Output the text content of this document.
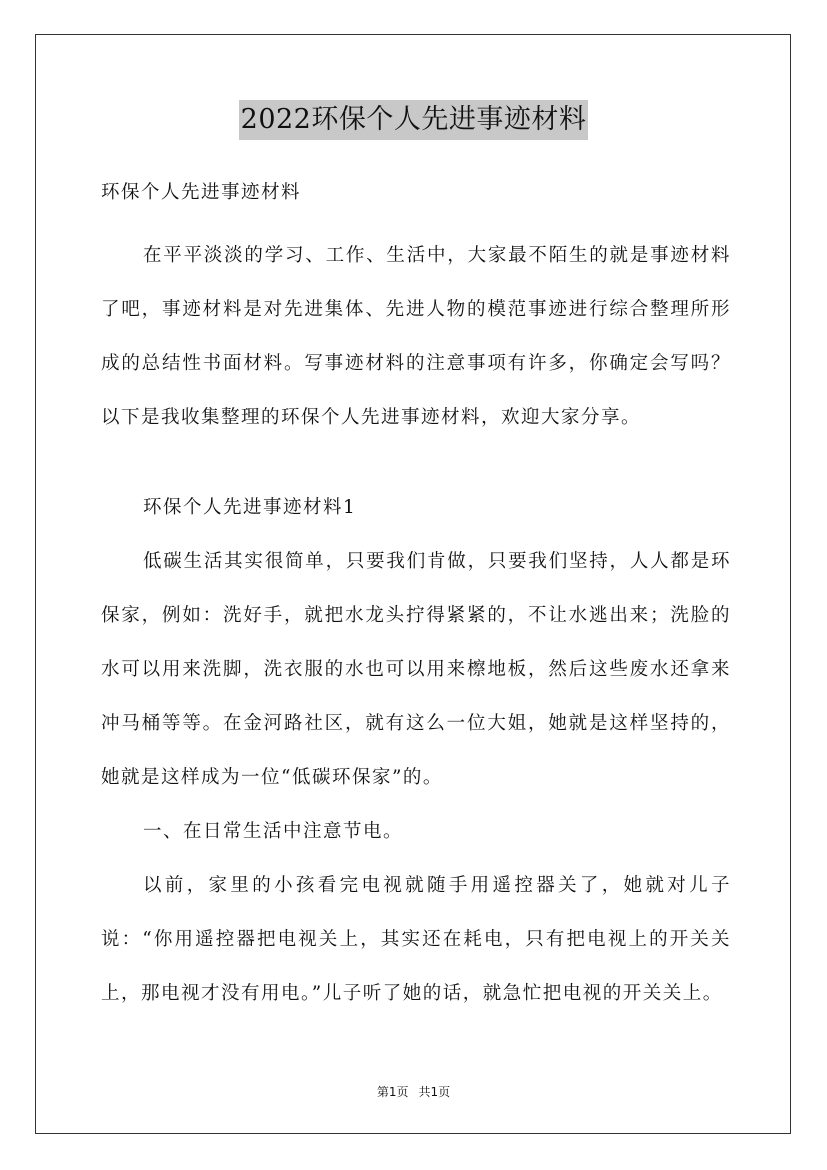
2022环保个人先进事迹材料

环保个人先进事迹材料

在平平淡淡的学习、工作、生活中，大家最不陌生的就是事迹材料了吧，事迹材料是对先进集体、先进人物的模范事迹进行综合整理所形成的总结性书面材料。写事迹材料的注意事项有许多，你确定会写吗？以下是我收集整理的环保个人先进事迹材料，欢迎大家分享。

环保个人先进事迹材料1

低碳生活其实很简单，只要我们肯做，只要我们坚持，人人都是环保家，例如：洗好手，就把水龙头拧得紧紧的，不让水逃出来；洗脸的水可以用来洗脚，洗衣服的水也可以用来檫地板，然后这些废水还拿来冲马桶等等。在金河路社区，就有这么一位大姐，她就是这样坚持的，她就是这样成为一位“低碳环保家”的。

一、在日常生活中注意节电。

以前，家里的小孩看完电视就随手用遥控器关了，她就对儿子说：“你用遥控器把电视关上，其实还在耗电，只有把电视上的开关关上，那电视才没有用电。”儿子听了她的话，就急忙把电视的开关关上。

第1页 共1页
